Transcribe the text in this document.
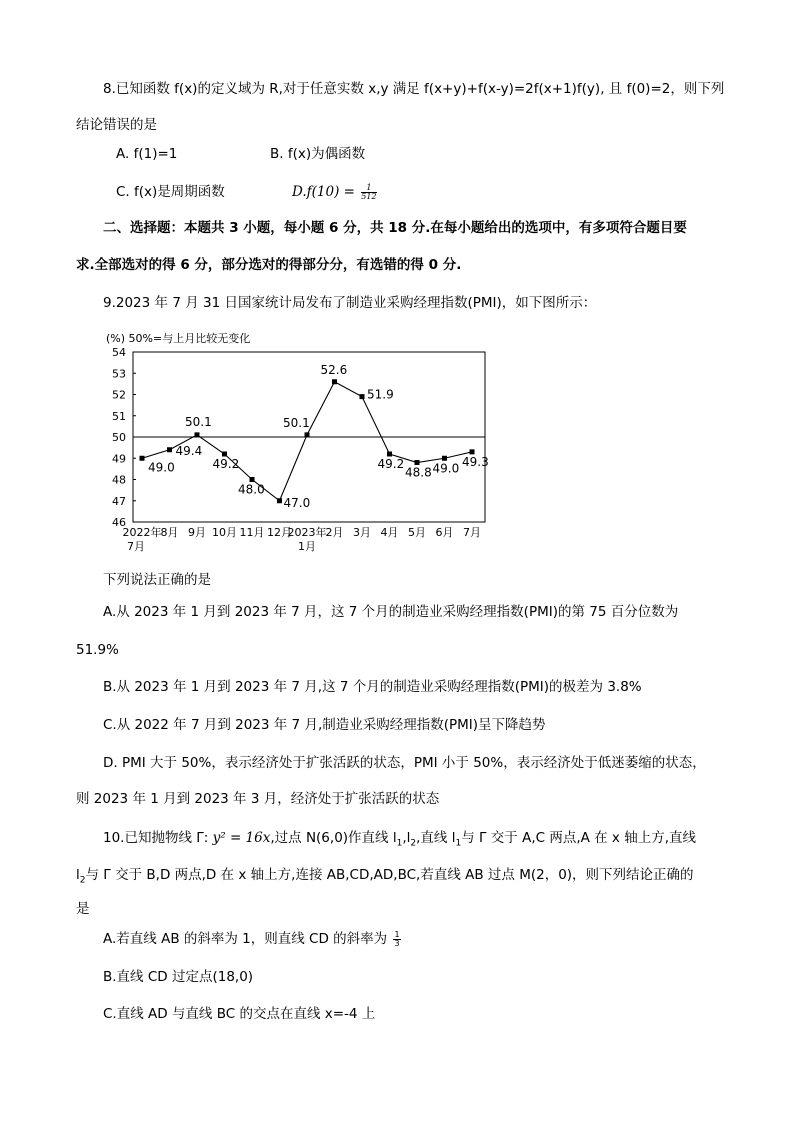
8.已知函数 f(x)的定义域为 R,对于任意实数 x,y 满足 f(x+y)+f(x-y)=2f(x+1)f(y), 且 f(0)=2，则下列
结论错误的是
A. f(1)=1	B. f(x)为偶函数
C. f(x)是周期函数	$D.f(10) = \frac{1}{512}$
二、选择题：本题共 3 小题，每小题 6 分，共 18 分.在每小题给出的选项中，有多项符合题目要
求.全部选对的得 6 分，部分选对的得部分分，有选错的得 0 分.
9.2023 年 7 月 31 日国家统计局发布了制造业采购经理指数(PMI)，如下图所示：
(%) 50%=与上月比较无变化
46
47
48
49
50
51
52
53
54
49.0
49.4
50.1
49.2
48.0
47.0
50.1
52.6
51.9
49.2
48.8 49.0 49.3
2022年
7月
8月 9月 10月 11月 12月
2023年
1月
2月 3月 4月 5月 6月 7月
下列说法正确的是
A.从 2023 年 1 月到 2023 年 7 月，这 7 个月的制造业采购经理指数(PMI)的第 75 百分位数为
51.9%
B.从 2023 年 1 月到 2023 年 7 月,这 7 个月的制造业采购经理指数(PMI)的极差为 3.8%
C.从 2022 年 7 月到 2023 年 7 月,制造业采购经理指数(PMI)呈下降趋势
D. PMI 大于 50%，表示经济处于扩张活跃的状态，PMI 小于 50%，表示经济处于低迷萎缩的状态，
则 2023 年 1 月到 2023 年 3 月，经济处于扩张活跃的状态
10.已知抛物线 Γ: y² = 16x,过点 N(6,0)作直线 $l_1,l_2$,直线 $l_1$与 Γ 交于 A,C 两点,A 在 x 轴上方,直线
$l_2$与 Γ 交于 B,D 两点,D 在 x 轴上方,连接 AB,CD,AD,BC,若直线 AB 过点 M(2，0)，则下列结论正确的
是
A.若直线 AB 的斜率为 1，则直线 CD 的斜率为 $\frac{1}{3}$
B.直线 CD 过定点(18,0)
C.直线 AD 与直线 BC 的交点在直线 x=-4 上
